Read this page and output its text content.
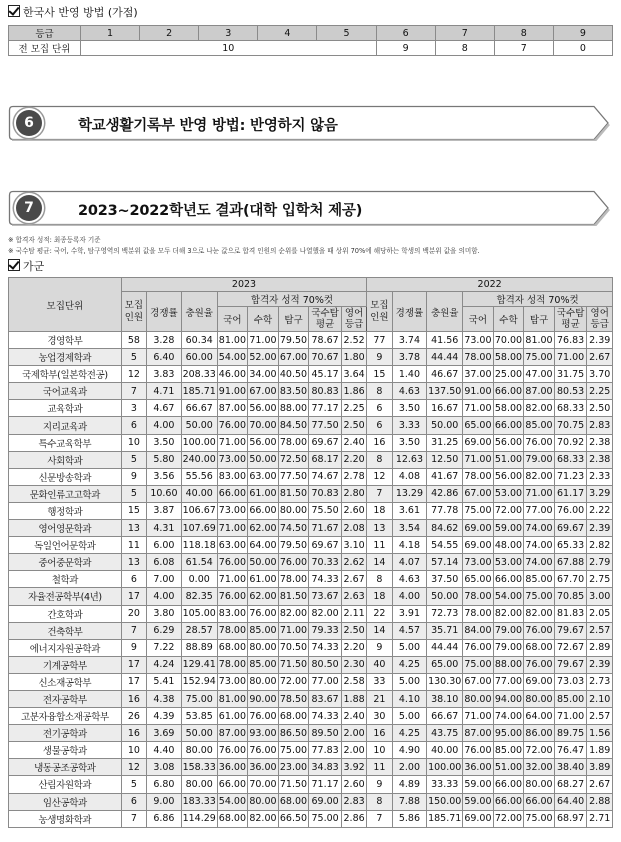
한국사 반영 방법 (가점)
등급	1	2	3	4	5	6	7	8	9
전 모집 단위	10					9	8	7	0
6	학교생활기록부 반영 방법: 반영하지 않음
7	2023~2022학년도 결과(대학 입학처 제공)
※ 합격자 성적: 최종등록자 기준
※ 국수탐 평균: 국어, 수학, 탐구영역의 백분위 값을 모두 더해 3으로 나눈 값으로 합격 인원의 순위를 나열했을 때 상위 70%에 해당하는 학생의 백분위 값을 의미함.
가군
모집단위	2023								2022							
	모집 인원	경쟁률	충원율	합격자 성적 70%컷					모집 인원	경쟁률	충원율	합격자 성적 70%컷				
				국어	수학	탐구	국수탐 평균	영어 등급				국어	수학	탐구	국수탐 평균	영어 등급
경영학부	58	3.28	60.34	81.00	71.00	79.50	78.67	2.52	77	3.74	41.56	73.00	70.00	81.00	76.83	2.39
농업경제학과	5	6.40	60.00	54.00	52.00	67.00	70.67	1.80	9	3.78	44.44	78.00	58.00	75.00	71.00	2.67
국제학부(일본학전공)	12	3.83	208.33	46.00	34.00	40.50	45.17	3.64	15	1.40	46.67	37.00	25.00	47.00	31.75	3.70
국어교육과	7	4.71	185.71	91.00	67.00	83.50	80.83	1.86	8	4.63	137.50	91.00	66.00	87.00	80.53	2.25
교육학과	3	4.67	66.67	87.00	56.00	88.00	77.17	2.25	6	3.50	16.67	71.00	58.00	82.00	68.33	2.50
지리교육과	6	4.00	50.00	76.00	70.00	84.50	77.50	2.50	6	3.33	50.00	65.00	66.00	85.00	70.75	2.83
특수교육학부	10	3.50	100.00	71.00	56.00	78.00	69.67	2.40	16	3.50	31.25	69.00	56.00	76.00	70.92	2.38
사회학과	5	5.80	240.00	73.00	50.00	72.50	68.17	2.20	8	12.63	12.50	71.00	51.00	79.00	68.33	2.38
신문방송학과	9	3.56	55.56	83.00	63.00	77.50	74.67	2.78	12	4.08	41.67	78.00	56.00	82.00	71.23	2.33
문화인류고고학과	5	10.60	40.00	66.00	61.00	81.50	70.83	2.80	7	13.29	42.86	67.00	53.00	71.00	61.17	3.29
행정학과	15	3.87	106.67	73.00	66.00	80.00	75.50	2.60	18	3.61	77.78	75.00	72.00	77.00	76.00	2.22
영어영문학과	13	4.31	107.69	71.00	62.00	74.50	71.67	2.08	13	3.54	84.62	69.00	59.00	74.00	69.67	2.39
독일언어문학과	11	6.00	118.18	63.00	64.00	79.50	69.67	3.10	11	4.18	54.55	69.00	48.00	74.00	65.33	2.82
중어중문학과	13	6.08	61.54	76.00	50.00	76.00	70.33	2.62	14	4.07	57.14	73.00	53.00	74.00	67.88	2.79
철학과	6	7.00	0.00	71.00	61.00	78.00	74.33	2.67	8	4.63	37.50	65.00	66.00	85.00	67.70	2.75
자율전공학부(4년)	17	4.00	82.35	76.00	62.00	81.50	73.67	2.63	18	4.00	50.00	78.00	54.00	75.00	70.85	3.00
간호학과	20	3.80	105.00	83.00	76.00	82.00	82.00	2.11	22	3.91	72.73	78.00	82.00	82.00	81.83	2.05
건축학부	7	6.29	28.57	78.00	85.00	71.00	79.33	2.50	14	4.57	35.71	84.00	79.00	76.00	79.67	2.57
에너지자원공학과	9	7.22	88.89	68.00	80.00	70.50	74.33	2.20	9	5.00	44.44	76.00	79.00	68.00	72.67	2.89
기계공학부	17	4.24	129.41	78.00	85.00	71.50	80.50	2.30	40	4.25	65.00	75.00	88.00	76.00	79.67	2.39
신소재공학부	17	5.41	152.94	73.00	80.00	72.00	77.00	2.58	33	5.00	130.30	67.00	77.00	69.00	73.03	2.73
전자공학부	16	4.38	75.00	81.00	90.00	78.50	83.67	1.88	21	4.10	38.10	80.00	94.00	80.00	85.00	2.10
고분자융합소재공학부	26	4.39	53.85	61.00	76.00	68.00	74.33	2.40	30	5.00	66.67	71.00	74.00	64.00	71.00	2.57
전기공학과	16	3.69	50.00	87.00	93.00	86.50	89.50	2.00	16	4.25	43.75	87.00	95.00	86.00	89.75	1.56
생물공학과	10	4.40	80.00	76.00	76.00	75.00	77.83	2.00	10	4.90	40.00	76.00	85.00	72.00	76.47	1.89
냉동공조공학과	12	3.08	158.33	36.00	36.00	23.00	34.83	3.92	11	2.00	100.00	36.00	51.00	32.00	38.40	3.89
산림자원학과	5	6.80	80.00	66.00	70.00	71.50	71.17	2.60	9	4.89	33.33	59.00	66.00	80.00	68.27	2.67
임산공학과	6	9.00	183.33	54.00	80.00	68.00	69.00	2.83	8	7.88	150.00	59.00	66.00	66.00	64.40	2.88
농생명화학과	7	6.86	114.29	68.00	82.00	66.50	75.00	2.86	7	5.86	185.71	69.00	72.00	75.00	68.97	2.71
